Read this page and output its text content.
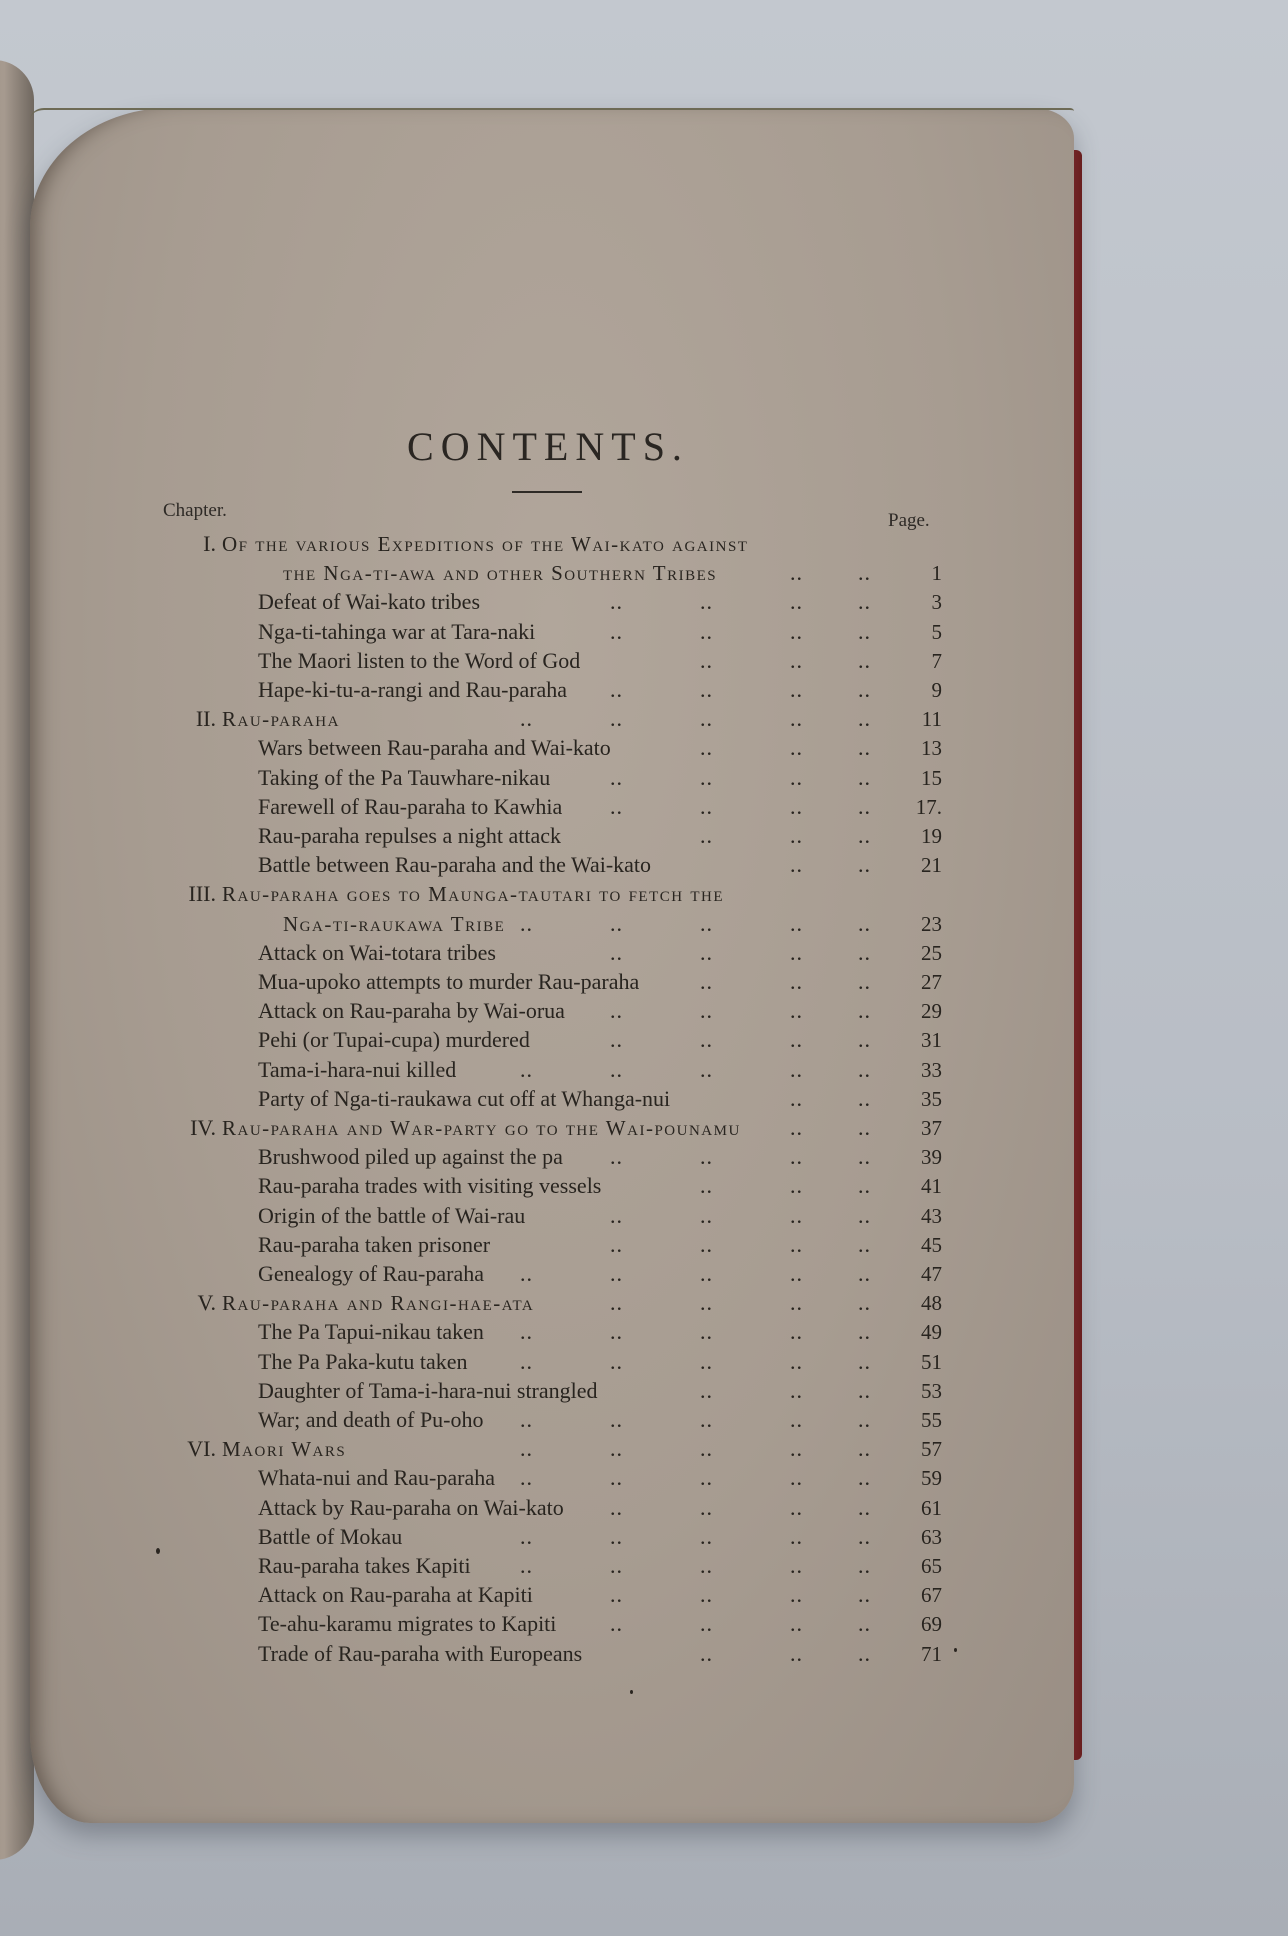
CONTENTS.
Chapter.	Page.
I. Of the various Expeditions of the Wai-kato against
the Nga-ti-awa and other Southern Tribes	..	..	1
Defeat of Wai-kato tribes	..	..	..	..	3
Nga-ti-tahinga war at Tara-naki	..	..	..	..	5
The Maori listen to the Word of God	..	..	..	7
Hape-ki-tu-a-rangi and Rau-paraha ..	..	..	..	9
II. Rau-paraha	..	..	..	..	..	11
Wars between Rau-paraha and Wai-kato	..	..	..	13
Taking of the Pa Tauwhare-nikau	..	..	..	..	15
Farewell of Rau-paraha to Kawhia ..	..	..	..	17.
Rau-paraha repulses a night attack	..	..	..	19
Battle between Rau-paraha and the Wai-kato	..	..	21
III. Rau-paraha goes to Maunga-tautari to fetch the
Nga-ti-raukawa Tribe ..	..	..	..	..	23
Attack on Wai-totara tribes	..	..	..	..	25
Mua-upoko attempts to murder Rau-paraha	..	..	..	27
Attack on Rau-paraha by Wai-orua ..	..	..	..	29
Pehi (or Tupai-cupa) murdered	..	..	..	..	31
Tama-i-hara-nui killed	..	..	..	..	..	33
Party of Nga-ti-raukawa cut off at Whanga-nui	..	..	35
IV. Rau-paraha and War-party go to the Wai-pounamu ..	..	37
Brushwood piled up against the pa ..	..	..	..	39
Rau-paraha trades with visiting vessels	..	..	..	41
Origin of the battle of Wai-rau	..	..	..	..	43
Rau-paraha taken prisoner	..	..	..	..	45
Genealogy of Rau-paraha ..	..	..	..	..	47
V. Rau-paraha and Rangi-hae-ata	..	..	..	..	48
The Pa Tapui-nikau taken ..	..	..	..	..	49
The Pa Paka-kutu taken ..	..	..	..	..	51
Daughter of Tama-i-hara-nui strangled	..	..	..	53
War; and death of Pu-oho ..	..	..	..	..	55
VI. Maori Wars	..	..	..	..	..	57
Whata-nui and Rau-paraha ..	..	..	..	..	59
Attack by Rau-paraha on Wai-kato ..	..	..	..	61
Battle of Mokau	..	..	..	..	..	63
Rau-paraha takes Kapiti ..	..	..	..	..	65
Attack on Rau-paraha at Kapiti	..	..	..	..	67
Te-ahu-karamu migrates to Kapiti ..	..	..	..	69
Trade of Rau-paraha with Europeans	..	..	..	71
